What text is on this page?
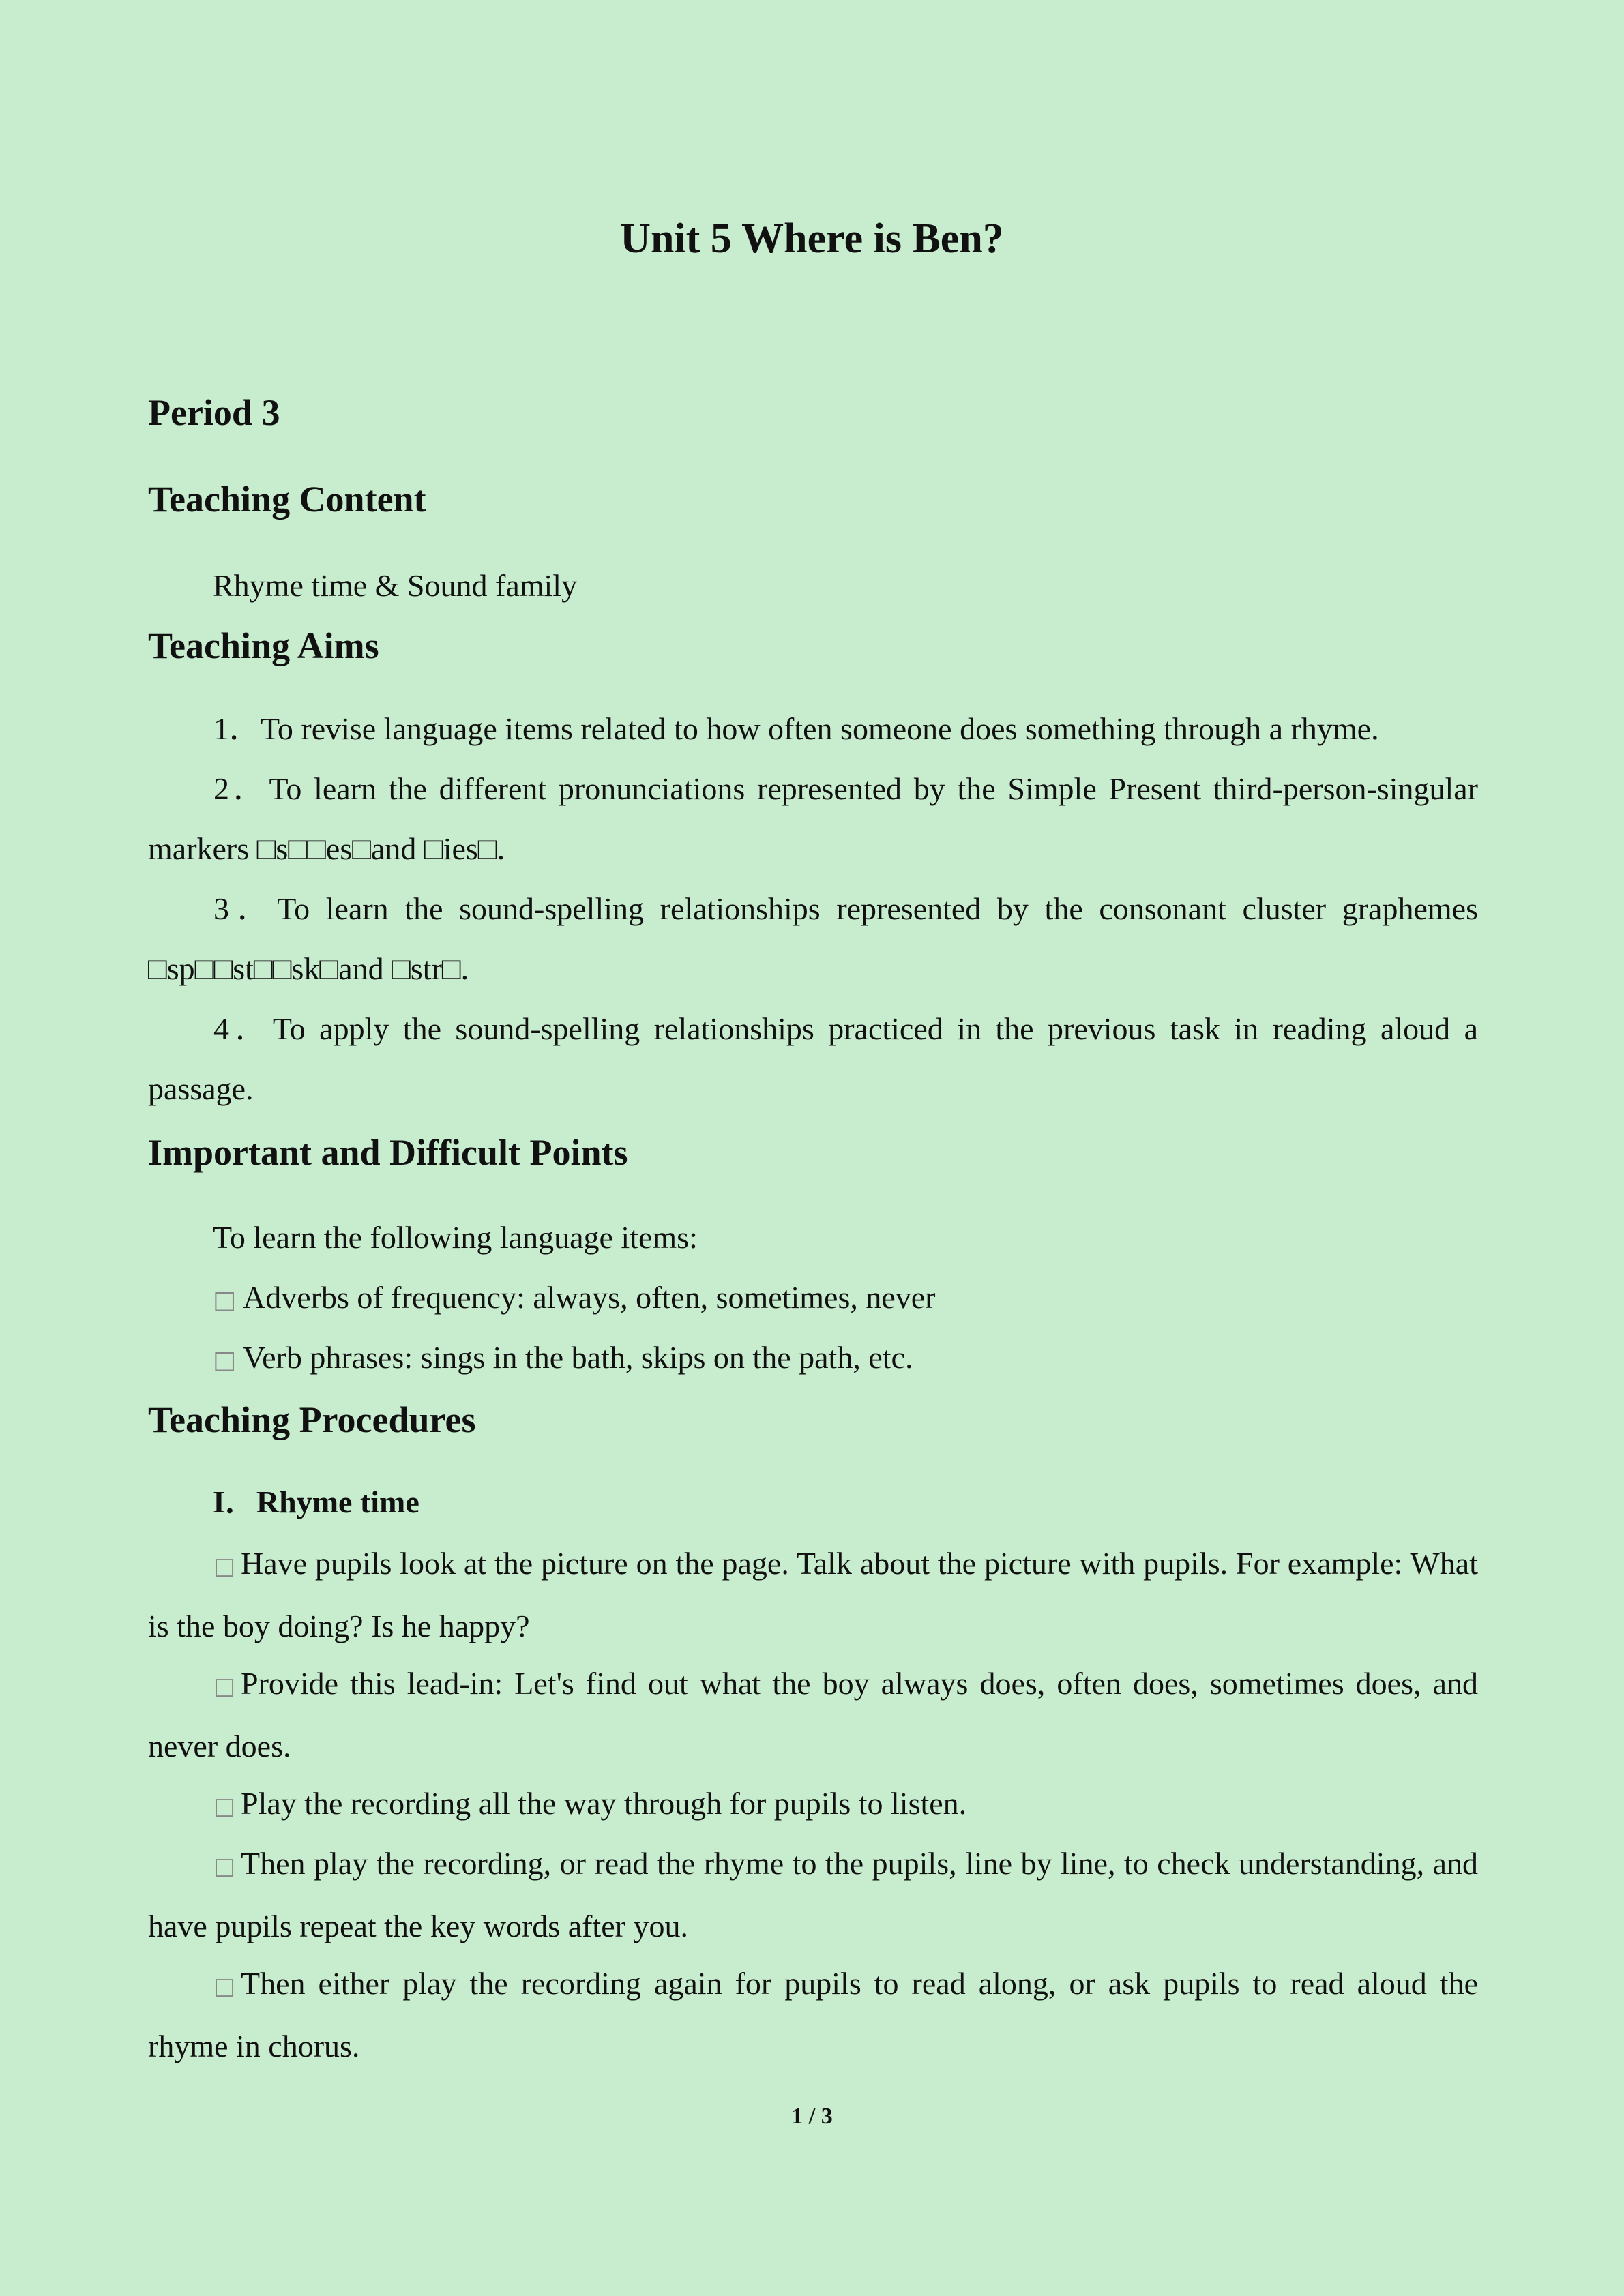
Unit 5 Where is Ben?
Period 3
Teaching Content
Rhyme time & Sound family
Teaching Aims
1．To revise language items related to how often someone does something through a rhyme.
2．To learn the different pronunciations represented by the Simple Present third-person-singular markers □s□□es□and □ies□.
3．To learn the sound-spelling relationships represented by the consonant cluster graphemes □sp□□st□□sk□and □str□.
4．To apply the sound-spelling relationships practiced in the previous task in reading aloud a passage.
Important and Difficult Points
To learn the following language items:
□ Adverbs of frequency: always, often, sometimes, never
□ Verb phrases: sings in the bath, skips on the path, etc.
Teaching Procedures
I．Rhyme time
□ Have pupils look at the picture on the page. Talk about the picture with pupils. For example: What is the boy doing? Is he happy?
□ Provide this lead-in: Let's find out what the boy always does, often does, sometimes does, and never does.
□ Play the recording all the way through for pupils to listen.
□ Then play the recording, or read the rhyme to the pupils, line by line, to check understanding, and have pupils repeat the key words after you.
□ Then either play the recording again for pupils to read along, or ask pupils to read aloud the rhyme in chorus.
1 / 3
